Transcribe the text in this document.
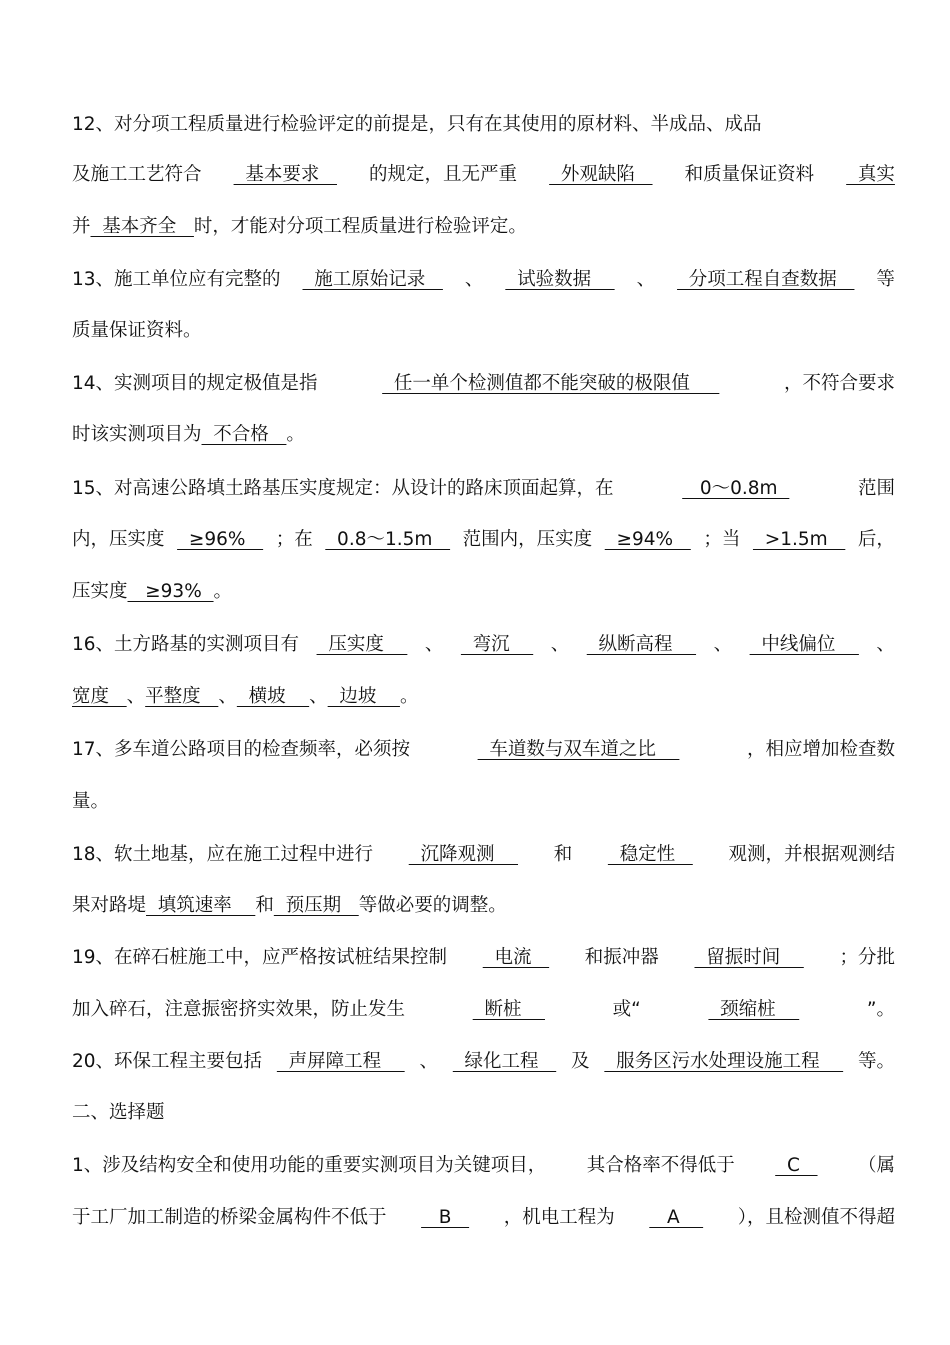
12、对分项工程质量进行检验评定的前提是，只有在其使用的原材料、半成品、成品
及施工工艺符合 基本要求 的规定，且无严重 外观缺陷 和质量保证资料 真实
并  基本齐全   时，才能对分项工程质量进行检验评定。
13、施工单位应有完整的 施工原始记录 、 试验数据 、 分项工程自查数据 等
质量保证资料。
14、实测项目的规定极值是指	任一单个检测值都不能突破的极限值	，不符合要求
时该实测项目为  不合格   。
15、对高速公路填土路基压实度规定：从设计的路床顶面起算，在	0～0.8m	范围
内，压实度 ≥96% ；在 0.8～1.5m 范围内，压实度 ≥94% ；当 >1.5m 后，
压实度   ≥93%  。
16、土方路基的实测项目有 压实度 、 弯沉 、 纵断高程 、 中线偏位 、
宽度   、平整度   、  横坡    、  边坡    。
17、多车道公路项目的检查频率，必须按	车道数与双车道之比	，相应增加检查数
量。
18、软土地基，应在施工过程中进行 沉降观测 和 稳定性 观测，并根据观测结
果对路堤  填筑速率    和  预压期   等做必要的调整。
19、在碎石桩施工中，应严格按试桩结果控制 电流 和振冲器 留振时间 ；分批
加入碎石，注意振密挤实效果，防止发生	断桩	或“	颈缩桩	”。
20、环保工程主要包括 声屏障工程 、 绿化工程 及 服务区污水处理设施工程 等。
二、选择题
1、涉及结构安全和使用功能的重要实测项目为关键项目， 其合格率不得低于 C （属
于工厂加工制造的桥梁金属构件不低于 B ，机电工程为 A ），且检测值不得超
